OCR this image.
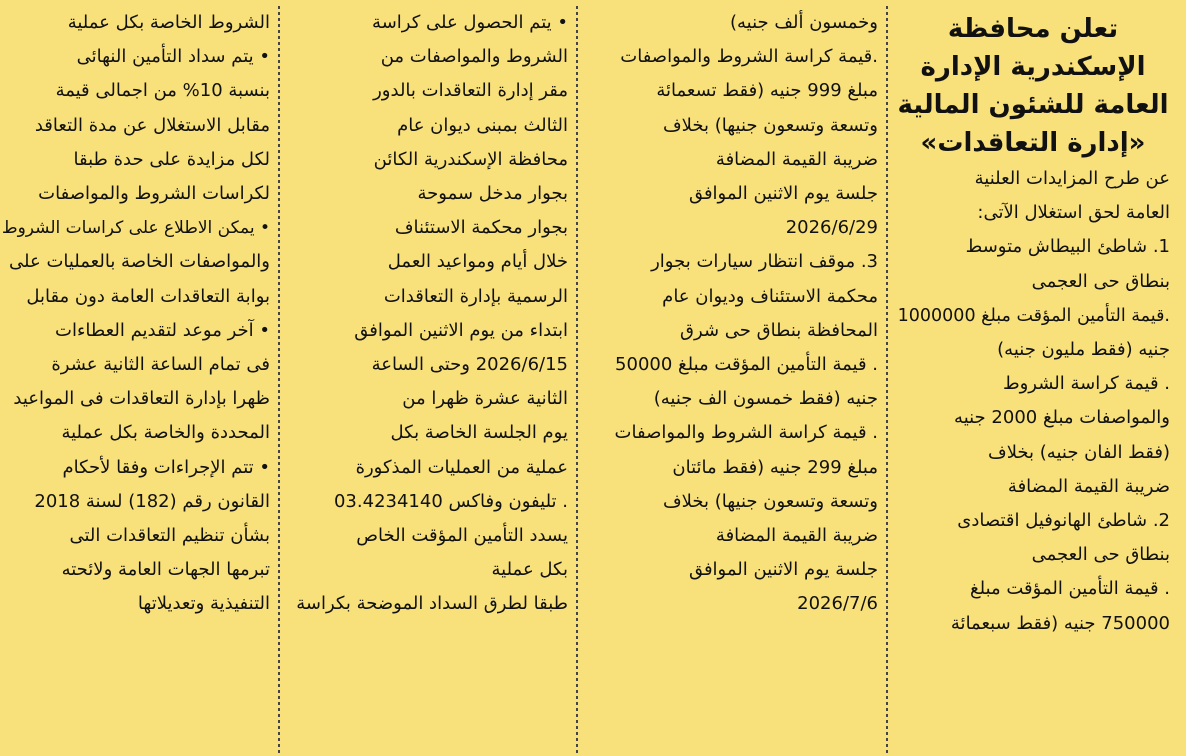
تعلن محافظة
الإسكندرية الإدارة
العامة للشئون المالية
«إدارة التعاقدات»
عن طرح المزايدات العلنية
العامة لحق استغلال الآتى:
1. شاطئ البيطاش متوسط
بنطاق حى العجمى
.قيمة التأمين المؤقت مبلغ 1000000
جنيه (فقط مليون جنيه)
. قيمة كراسة الشروط
والمواصفات مبلغ 2000 جنيه
(فقط الفان جنيه) بخلاف
ضريبة القيمة المضافة
2. شاطئ الهانوفيل اقتصادى
بنطاق حى العجمى
. قيمة التأمين المؤقت مبلغ
750000 جنيه (فقط سبعمائة
وخمسون ألف جنيه)
.قيمة كراسة الشروط والمواصفات
مبلغ 999 جنيه (فقط تسعمائة
وتسعة وتسعون جنيها) بخلاف
ضريبة القيمة المضافة
جلسة يوم الاثنين الموافق
2026/6/29
3. موقف انتظار سيارات بجوار
محكمة الاستئناف وديوان عام
المحافظة بنطاق حى شرق
. قيمة التأمين المؤقت مبلغ 50000
جنيه (فقط خمسون الف جنيه)
. قيمة كراسة الشروط والمواصفات
مبلغ 299 جنيه (فقط مائتان
وتسعة وتسعون جنيها) بخلاف
ضريبة القيمة المضافة
جلسة يوم الاثنين الموافق
2026/7/6
• يتم الحصول على كراسة
الشروط والمواصفات من
مقر إدارة التعاقدات بالدور
الثالث بمبنى ديوان عام
محافظة الإسكندرية الكائن
بجوار مدخل سموحة
بجوار محكمة الاستئناف
خلال أيام ومواعيد العمل
الرسمية بإدارة التعاقدات
ابتداء من يوم الاثنين الموافق
2026/6/15 وحتى الساعة
الثانية عشرة ظهرا من
يوم الجلسة الخاصة بكل
عملية من العمليات المذكورة
. تليفون وفاكس 03.4234140
يسدد التأمين المؤقت الخاص
بكل عملية
طبقا لطرق السداد الموضحة بكراسة
الشروط الخاصة بكل عملية
• يتم سداد التأمين النهائى
بنسبة 10% من اجمالى قيمة
مقابل الاستغلال عن مدة التعاقد
لكل مزايدة على حدة طبقا
لكراسات الشروط والمواصفات
• يمكن الاطلاع على كراسات الشروط
والمواصفات الخاصة بالعمليات على
بوابة التعاقدات العامة دون مقابل
• آخر موعد لتقديم العطاءات
فى تمام الساعة الثانية عشرة
ظهرا بإدارة التعاقدات فى المواعيد
المحددة والخاصة بكل عملية
• تتم الإجراءات وفقا لأحكام
القانون رقم (182) لسنة 2018
بشأن تنظيم التعاقدات التى
تبرمها الجهات العامة ولائحته
التنفيذية وتعديلاتها
